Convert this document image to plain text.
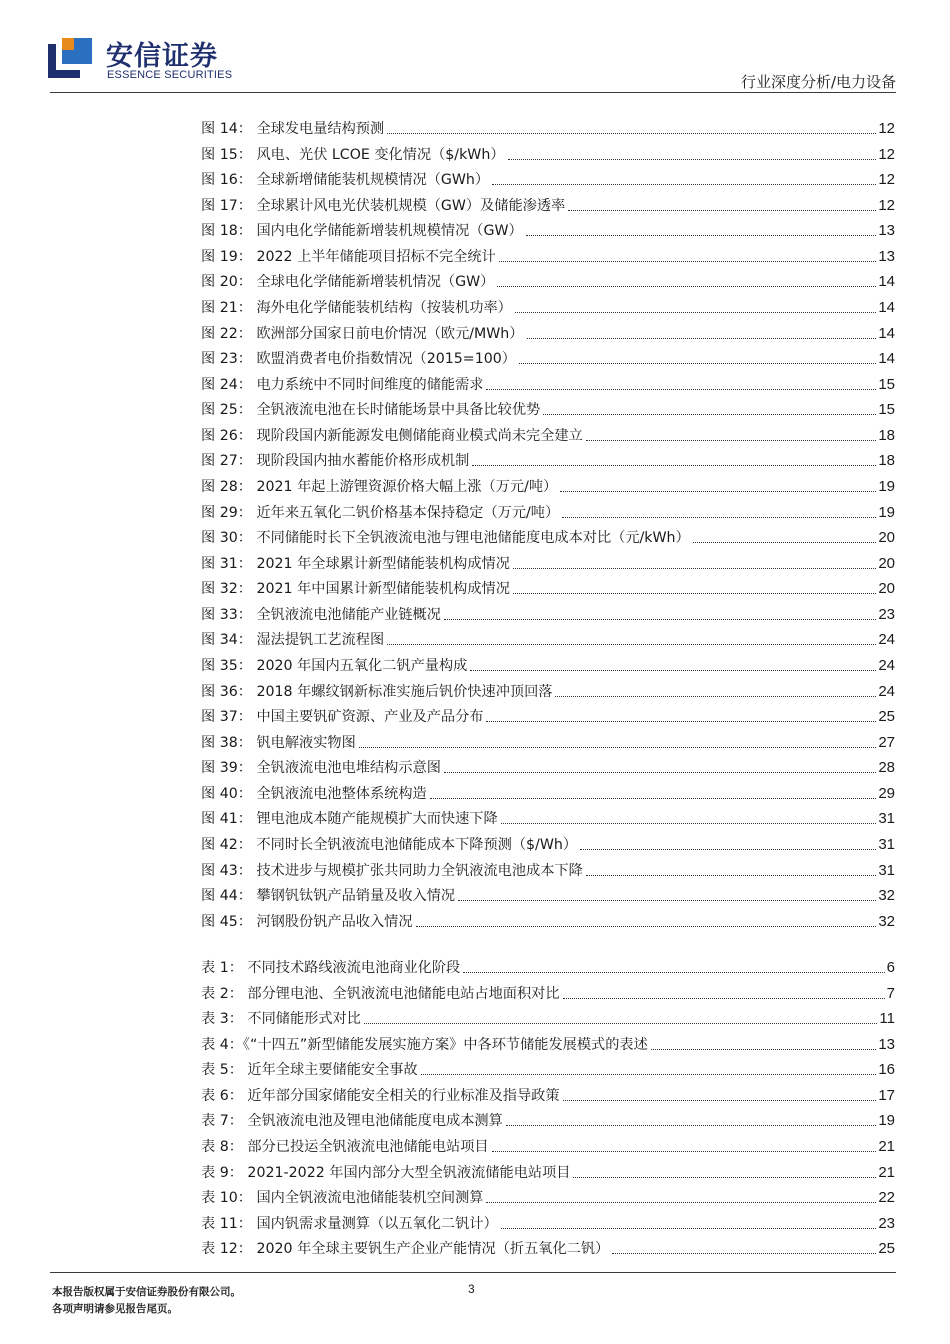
安信证券
ESSENCE SECURITIES	行业深度分析/电力设备
图 14： 全球发电量结构预测	12
图 15： 风电、光伏 LCOE 变化情况（$/kWh）	12
图 16： 全球新增储能装机规模情况（GWh）	12
图 17： 全球累计风电光伏装机规模（GW）及储能渗透率	12
图 18： 国内电化学储能新增装机规模情况（GW）	13
图 19： 2022 上半年储能项目招标不完全统计	13
图 20： 全球电化学储能新增装机情况（GW）	14
图 21： 海外电化学储能装机结构（按装机功率）	14
图 22： 欧洲部分国家日前电价情况（欧元/MWh）	14
图 23： 欧盟消费者电价指数情况（2015=100）	14
图 24： 电力系统中不同时间维度的储能需求	15
图 25： 全钒液流电池在长时储能场景中具备比较优势	15
图 26： 现阶段国内新能源发电侧储能商业模式尚未完全建立	18
图 27： 现阶段国内抽水蓄能价格形成机制	18
图 28： 2021 年起上游锂资源价格大幅上涨（万元/吨）	19
图 29： 近年来五氧化二钒价格基本保持稳定（万元/吨）	19
图 30： 不同储能时长下全钒液流电池与锂电池储能度电成本对比（元/kWh）	20
图 31： 2021 年全球累计新型储能装机构成情况	20
图 32： 2021 年中国累计新型储能装机构成情况	20
图 33： 全钒液流电池储能产业链概况	23
图 34： 湿法提钒工艺流程图	24
图 35： 2020 年国内五氧化二钒产量构成	24
图 36： 2018 年螺纹钢新标准实施后钒价快速冲顶回落	24
图 37： 中国主要钒矿资源、产业及产品分布	25
图 38： 钒电解液实物图	27
图 39： 全钒液流电池电堆结构示意图	28
图 40： 全钒液流电池整体系统构造	29
图 41： 锂电池成本随产能规模扩大而快速下降	31
图 42： 不同时长全钒液流电池储能成本下降预测（$/Wh）	31
图 43： 技术进步与规模扩张共同助力全钒液流电池成本下降	31
图 44： 攀钢钒钛钒产品销量及收入情况	32
图 45： 河钢股份钒产品收入情况	32
表 1： 不同技术路线液流电池商业化阶段	6
表 2： 部分锂电池、全钒液流电池储能电站占地面积对比	7
表 3： 不同储能形式对比	11
表 4：《“十四五”新型储能发展实施方案》中各环节储能发展模式的表述	13
表 5： 近年全球主要储能安全事故	16
表 6： 近年部分国家储能安全相关的行业标准及指导政策	17
表 7： 全钒液流电池及锂电池储能度电成本测算	19
表 8： 部分已投运全钒液流电池储能电站项目	21
表 9： 2021-2022 年国内部分大型全钒液流储能电站项目	21
表 10： 国内全钒液流电池储能装机空间测算	22
表 11： 国内钒需求量测算（以五氧化二钒计）	23
表 12： 2020 年全球主要钒生产企业产能情况（折五氧化二钒）	25
3
本报告版权属于安信证券股份有限公司。
各项声明请参见报告尾页。
